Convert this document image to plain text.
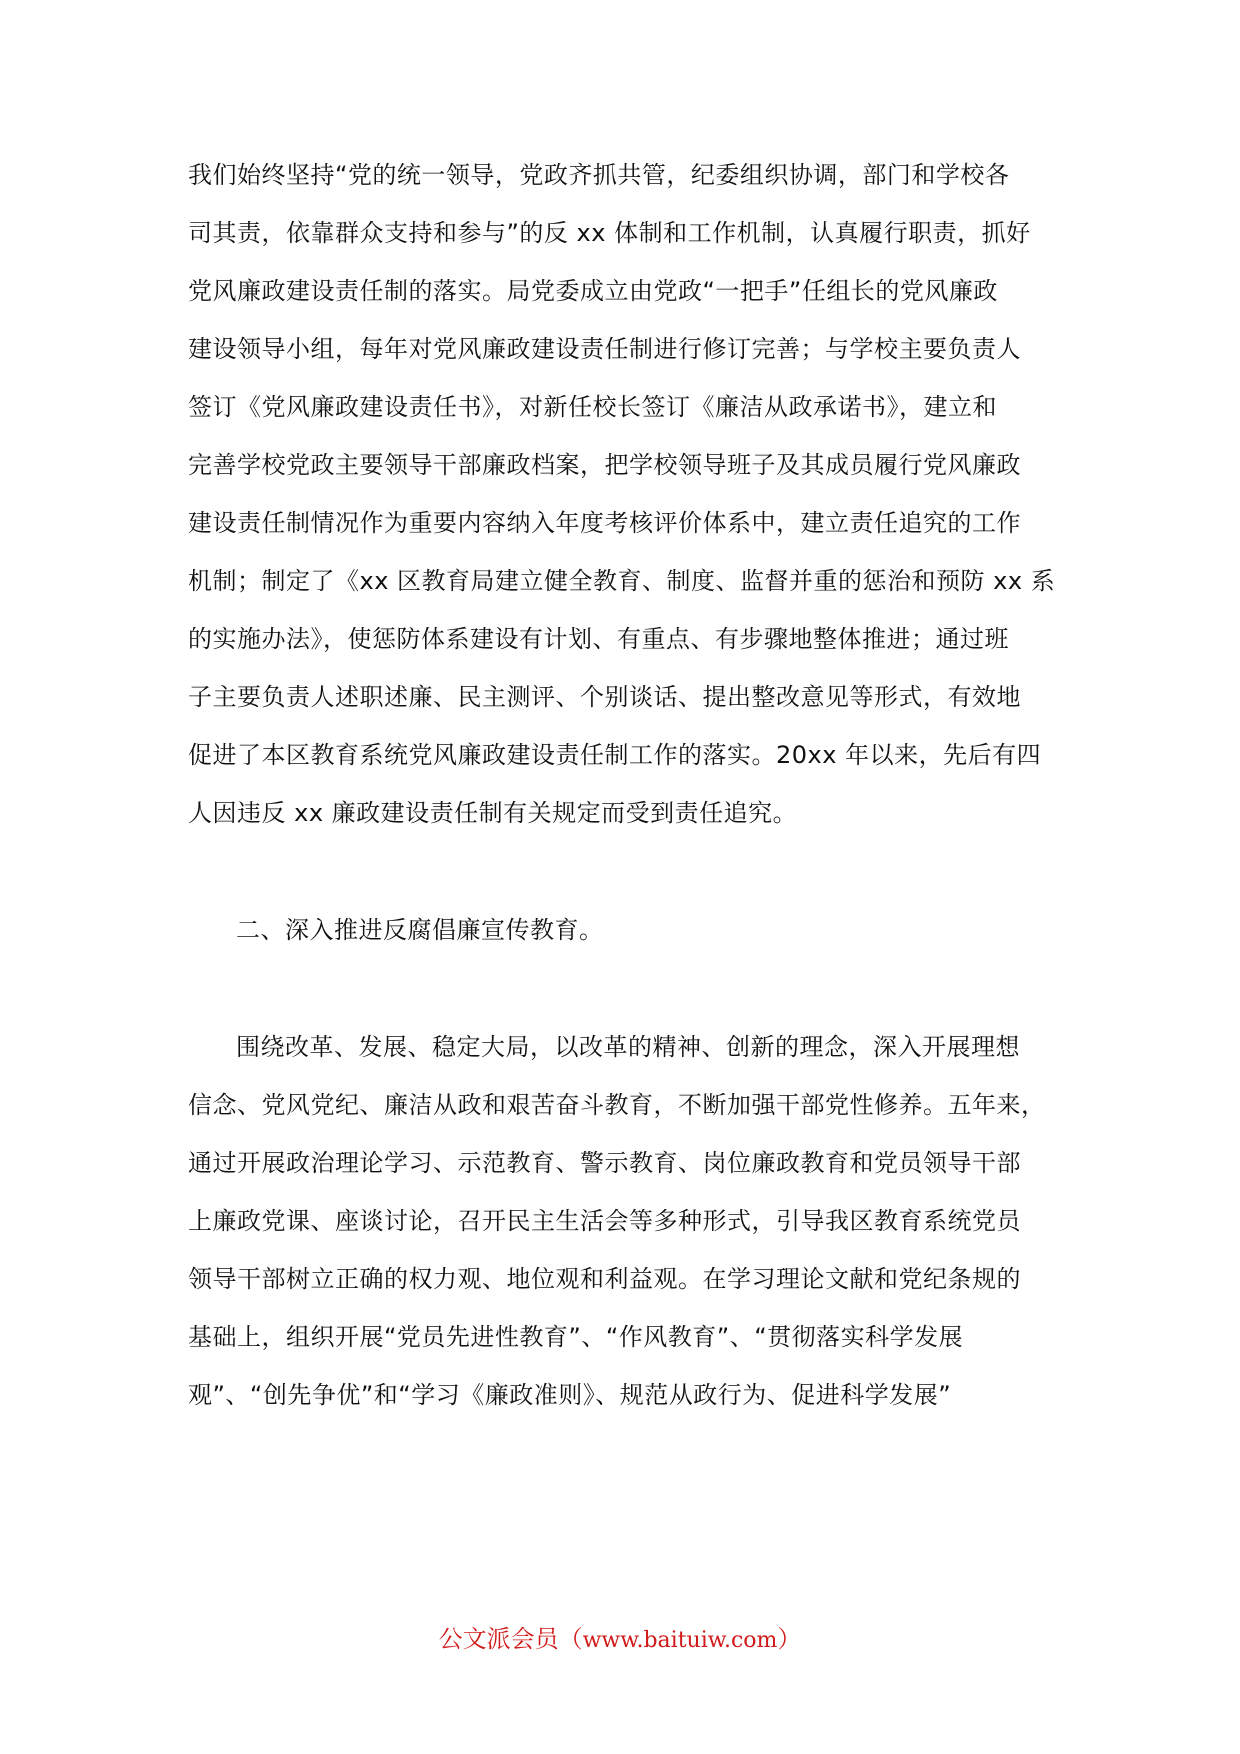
我们始终坚持“党的统一领导，党政齐抓共管，纪委组织协调，部门和学校各
司其责，依靠群众支持和参与”的反 xx 体制和工作机制，认真履行职责，抓好
党风廉政建设责任制的落实。局党委成立由党政“一把手”任组长的党风廉政
建设领导小组，每年对党风廉政建设责任制进行修订完善；与学校主要负责人
签订《党风廉政建设责任书》，对新任校长签订《廉洁从政承诺书》，建立和
完善学校党政主要领导干部廉政档案，把学校领导班子及其成员履行党风廉政
建设责任制情况作为重要内容纳入年度考核评价体系中，建立责任追究的工作
机制；制定了《xx 区教育局建立健全教育、制度、监督并重的惩治和预防 xx 系
的实施办法》，使惩防体系建设有计划、有重点、有步骤地整体推进；通过班
子主要负责人述职述廉、民主测评、个别谈话、提出整改意见等形式，有效地
促进了本区教育系统党风廉政建设责任制工作的落实。20xx 年以来，先后有四
人因违反 xx 廉政建设责任制有关规定而受到责任追究。
二、深入推进反腐倡廉宣传教育。
围绕改革、发展、稳定大局，以改革的精神、创新的理念，深入开展理想
信念、党风党纪、廉洁从政和艰苦奋斗教育，不断加强干部党性修养。五年来，
通过开展政治理论学习、示范教育、警示教育、岗位廉政教育和党员领导干部
上廉政党课、座谈讨论，召开民主生活会等多种形式，引导我区教育系统党员
领导干部树立正确的权力观、地位观和利益观。在学习理论文献和党纪条规的
基础上，组织开展“党员先进性教育”、“作风教育”、“贯彻落实科学发展
观”、“创先争优”和“学习《廉政准则》、规范从政行为、促进科学发展”
公文派会员（www.baituiw.com）
